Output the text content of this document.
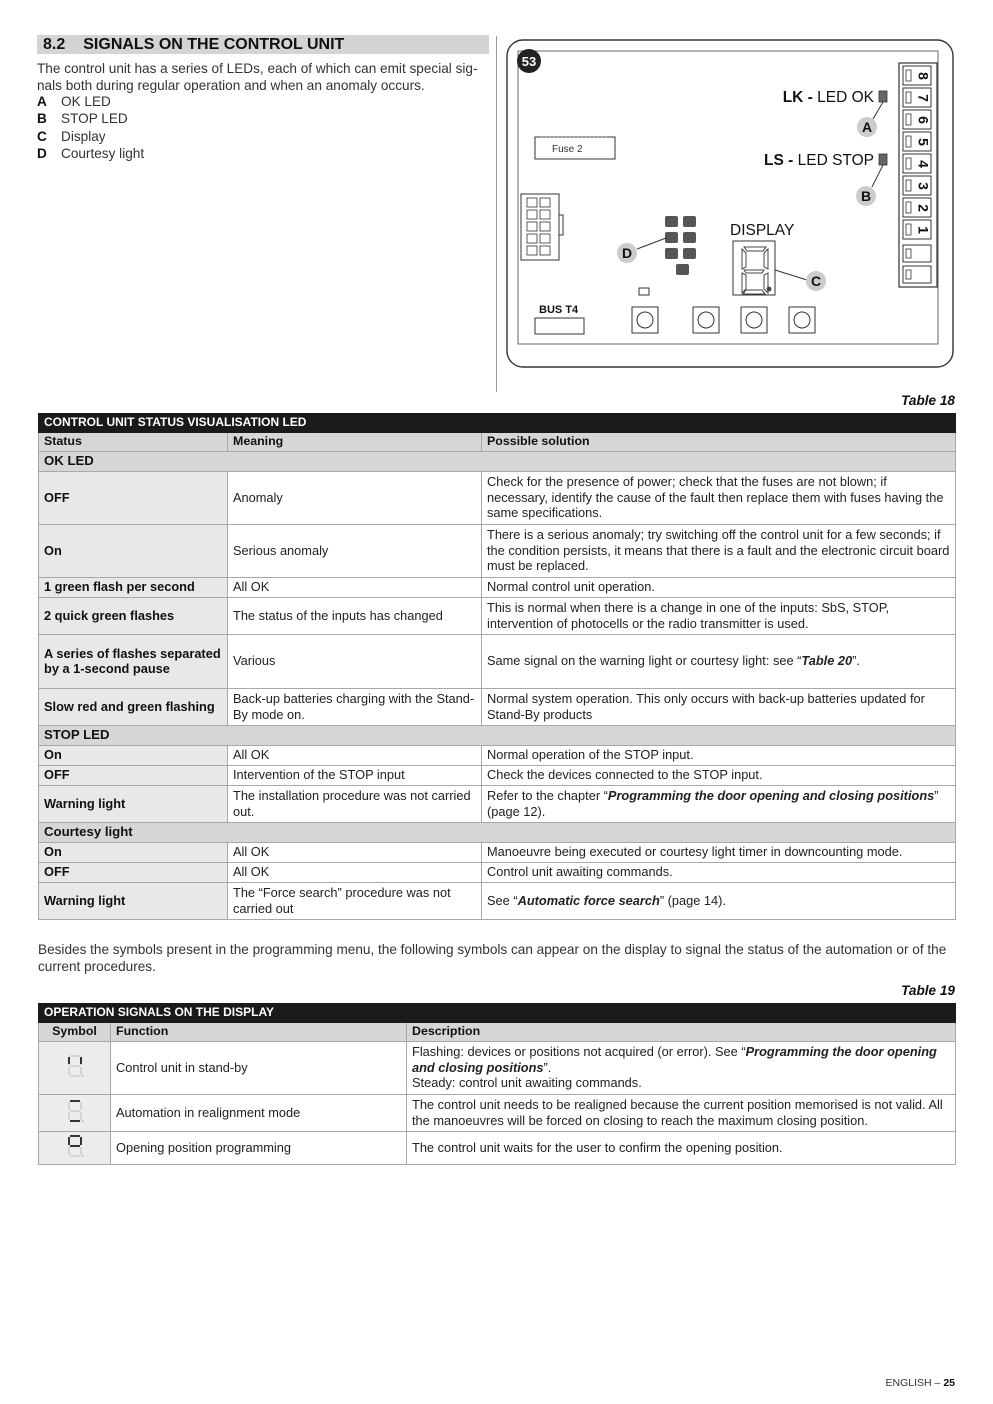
8.2 SIGNALS ON THE CONTROL UNIT
The control unit has a series of LEDs, each of which can emit special sig-nals both during regular operation and when an anomaly occurs.
A	OK LED
B	STOP LED
C	Display
D	Courtesy light
53
8
7
6
5
4
3
2
1
LK - LED OK
A
LS - LED STOP
B
Fuse 2
D
DISPLAY
C
BUS T4
Table 18
CONTROL UNIT STATUS VISUALISATION LED		
Status	Meaning	Possible solution
OK LED		
OFF	Anomaly	Check for the presence of power; check that the fuses are not blown; if necessary, identify the cause of the fault then replace them with fuses having the same specifications.
On	Serious anomaly	There is a serious anomaly; try switching off the control unit for a few seconds; if the condition persists, it means that there is a fault and the electronic circuit board must be replaced.
1 green flash per second	All OK	Normal control unit operation.
2 quick green flashes	The status of the inputs has changed	This is normal when there is a change in one of the inputs: SbS, STOP, intervention of photocells or the radio transmitter is used.
A series of flashes separated by a 1-second pause	Various	Same signal on the warning light or courtesy light: see “Table 20”.
Slow red and green flashing	Back-up batteries charging with the Stand-By mode on.	Normal system operation. This only occurs with back-up batteries updated for Stand-By products
STOP LED		
On	All OK	Normal operation of the STOP input.
OFF	Intervention of the STOP input	Check the devices connected to the STOP input.
Warning light	The installation procedure was not carried out.	Refer to the chapter “Programming the door opening and closing positions” (page 12).
Courtesy light		
On	All OK	Manoeuvre being executed or courtesy light timer in downcounting mode.
OFF	All OK	Control unit awaiting commands.
Warning light	The “Force search” procedure was not carried out	See “Automatic force search” (page 14).
Besides the symbols present in the programming menu, the following symbols can appear on the display to signal the status of the automation or of the current procedures.
Table 19
OPERATION SIGNALS ON THE DISPLAY		
Symbol	Function	Description
	Control unit in stand-by	Flashing: devices or positions not acquired (or error). See “Programming the door opening and closing positions”.
Steady: control unit awaiting commands.
	Automation in realignment mode	The control unit needs to be realigned because the current position memorised is not valid. All the manoeuvres will be forced on closing to reach the maximum closing position.
	Opening position programming	The control unit waits for the user to confirm the opening position.
ENGLISH – 25
